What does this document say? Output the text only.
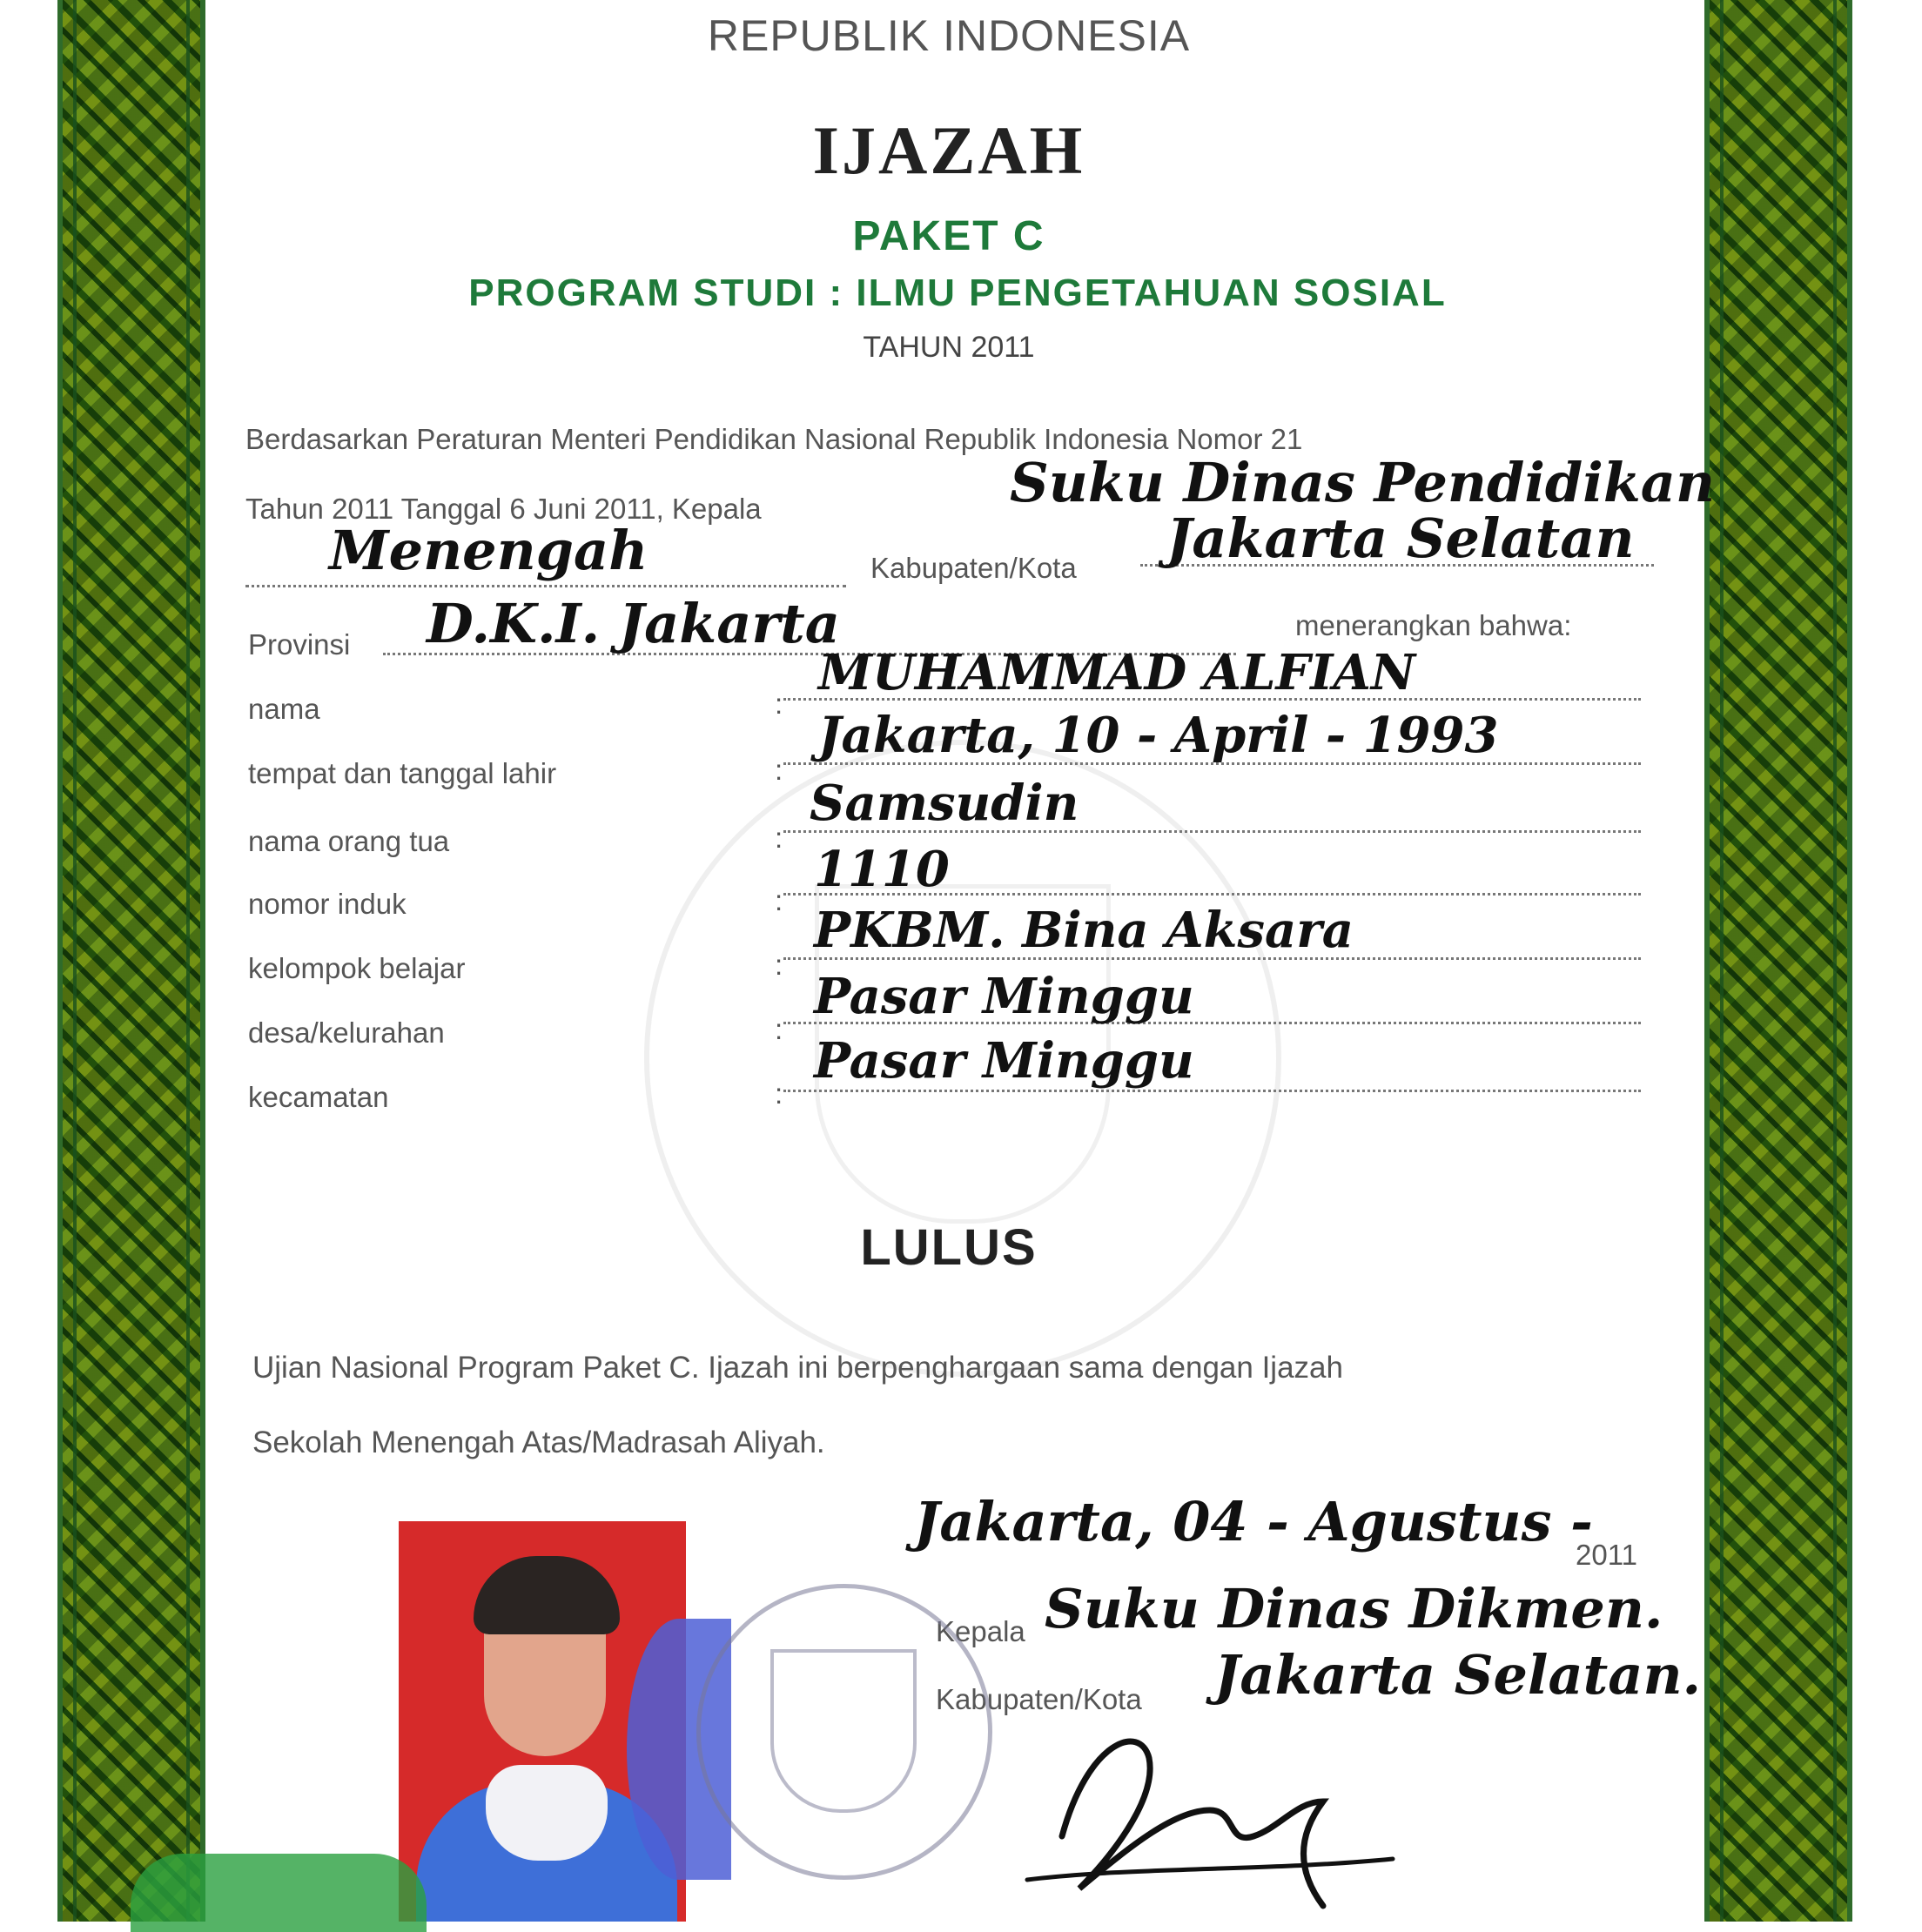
REPUBLIK INDONESIA
IJAZAH
PAKET C
PROGRAM STUDI : ILMU PENGETAHUAN SOSIAL
TAHUN 2011
Berdasarkan Peraturan Menteri Pendidikan Nasional Republik Indonesia Nomor 21
Tahun 2011 Tanggal 6 Juni 2011, Kepala	Suku Dinas Pendidikan
Menengah	Kabupaten/Kota Jakarta Selatan
Provinsi D.K.I. Jakarta	menerangkan bahwa:
nama	:
MUHAMMAD ALFIAN
tempat dan tanggal lahir	:
Jakarta, 10 - April - 1993
nama orang tua	:
Samsudin
nomor induk	:
1110
kelompok belajar	:
PKBM. Bina Aksara
desa/kelurahan	:
Pasar Minggu
kecamatan	:
Pasar Minggu
LULUS
Ujian Nasional Program Paket C. Ijazah ini berpenghargaan sama dengan Ijazah
Sekolah Menengah Atas/Madrasah Aliyah.
Jakarta, 04 - Agustus -
2011
Kepala Suku Dinas Dikmen.
Kabupaten/Kota Jakarta Selatan.
